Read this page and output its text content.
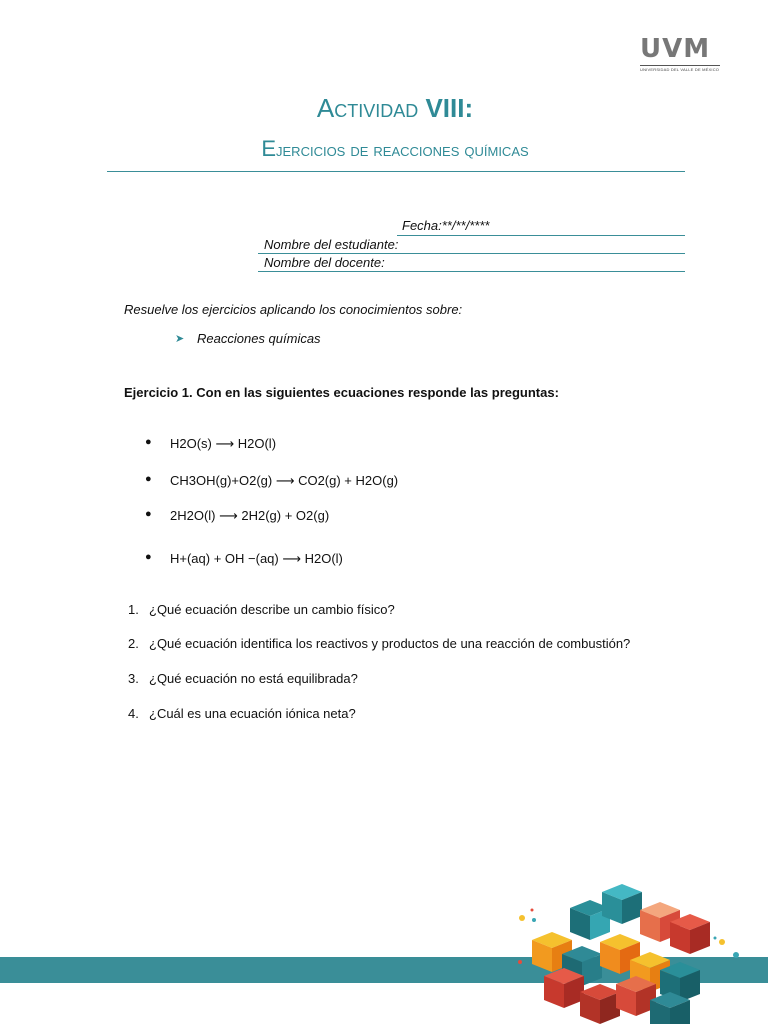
UVM
UNIVERSIDAD DEL VALLE DE MÉXICO
Actividad VIII:
Ejercicios de reacciones químicas
Fecha:**/**/****
Nombre del estudiante:
Nombre del docente:
Resuelve los ejercicios aplicando los conocimientos sobre:
➤ Reacciones químicas
Ejercicio 1. Con en las siguientes ecuaciones responde las preguntas:
● H2O(s) ⟶ H2O(l)
● CH3OH(g)+O2(g) ⟶ CO2(g) + H2O(g)
● 2H2O(l) ⟶ 2H2(g) + O2(g)
● H+(aq) + OH −(aq) ⟶ H2O(l)
1. ¿Qué ecuación describe un cambio físico?
2. ¿Qué ecuación identifica los reactivos y productos de una reacción de combustión?
3. ¿Qué ecuación no está equilibrada?
4. ¿Cuál es una ecuación iónica neta?
